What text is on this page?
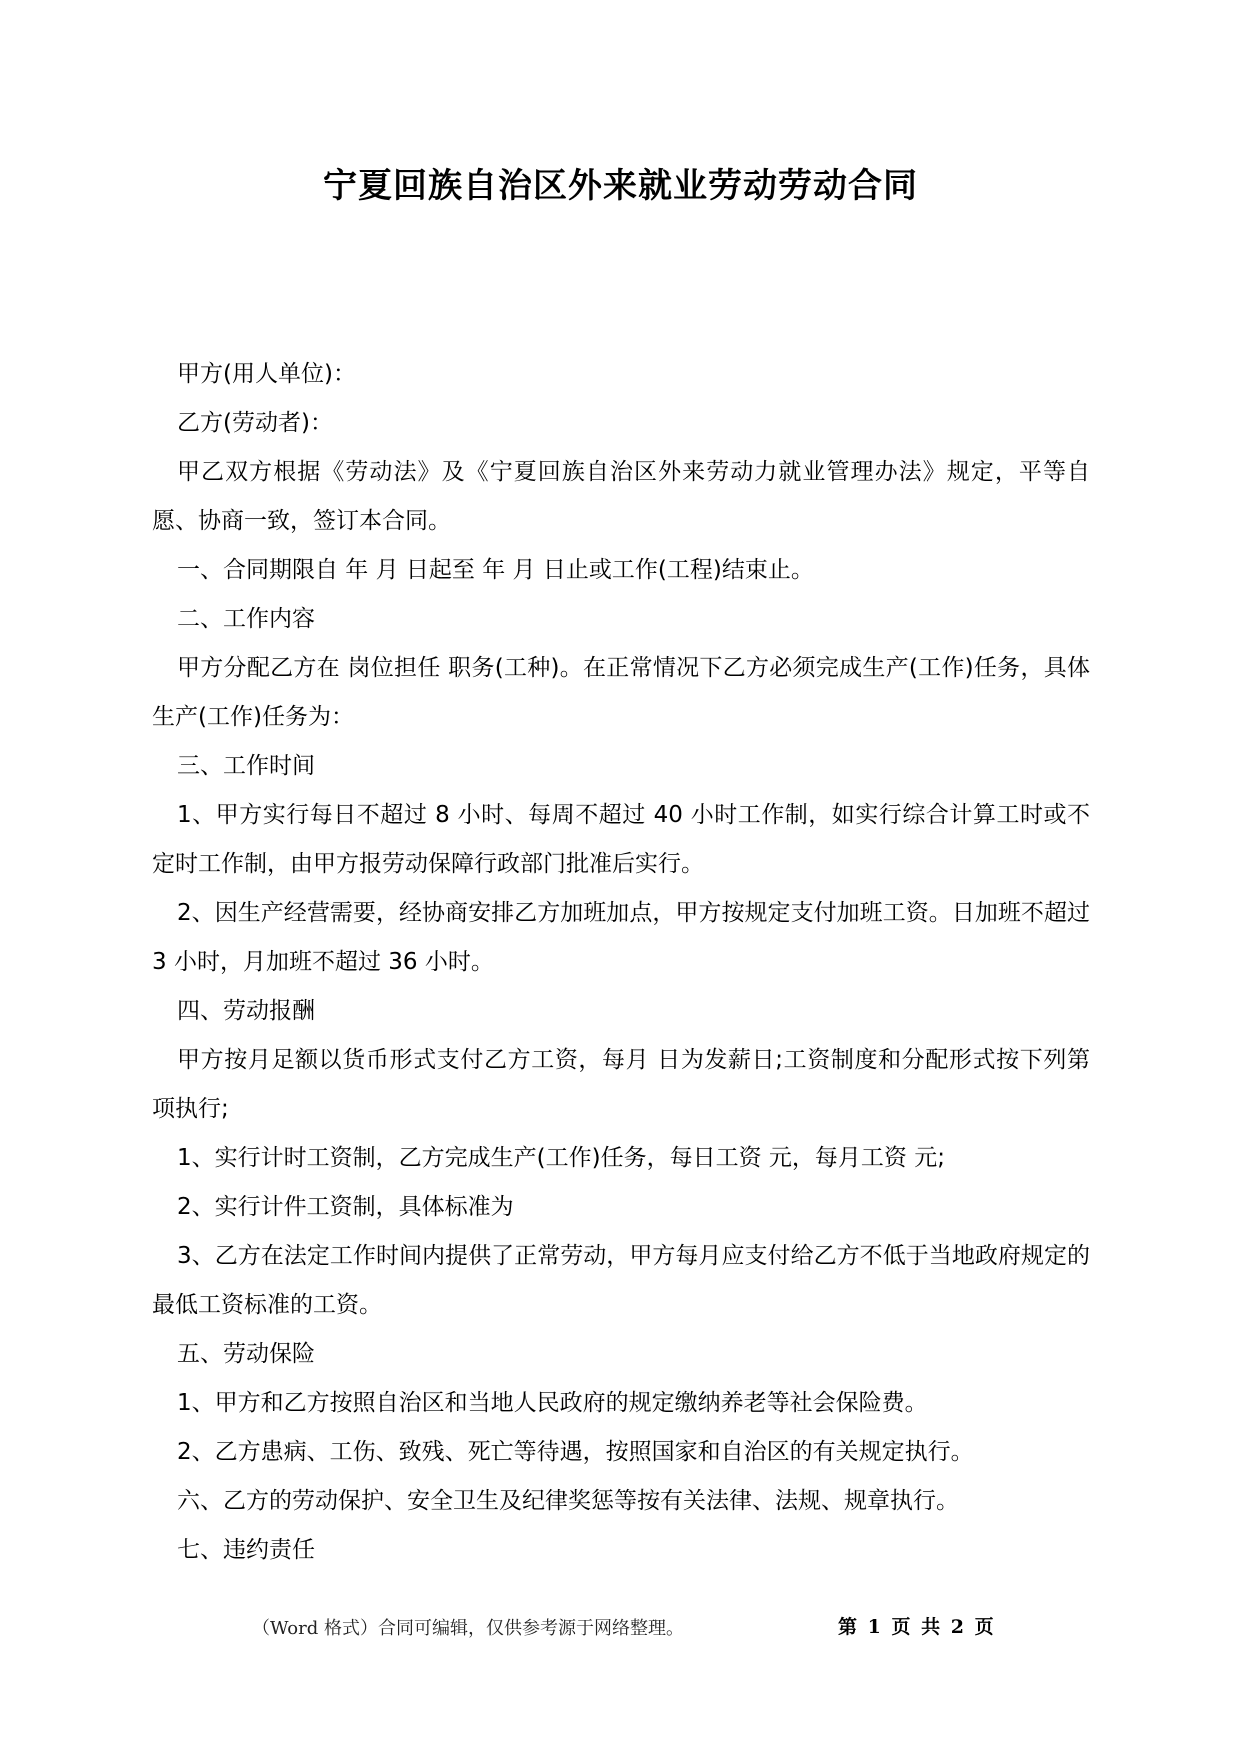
宁夏回族自治区外来就业劳动劳动合同

甲方(用人单位)：

乙方(劳动者)：

甲乙双方根据《劳动法》及《宁夏回族自治区外来劳动力就业管理办法》规定，平等自愿、协商一致，签订本合同。

一、合同期限自 年 月 日起至 年 月 日止或工作(工程)结束止。

二、工作内容

甲方分配乙方在 岗位担任 职务(工种)。在正常情况下乙方必须完成生产(工作)任务，具体生产(工作)任务为：

三、工作时间

1、甲方实行每日不超过 8 小时、每周不超过 40 小时工作制，如实行综合计算工时或不定时工作制，由甲方报劳动保障行政部门批准后实行。

2、因生产经营需要，经协商安排乙方加班加点，甲方按规定支付加班工资。日加班不超过 3 小时，月加班不超过 36 小时。

四、劳动报酬

甲方按月足额以货币形式支付乙方工资，每月 日为发薪日;工资制度和分配形式按下列第 项执行;

1、实行计时工资制，乙方完成生产(工作)任务，每日工资 元，每月工资 元;

2、实行计件工资制，具体标准为

3、乙方在法定工作时间内提供了正常劳动，甲方每月应支付给乙方不低于当地政府规定的最低工资标准的工资。

五、劳动保险

1、甲方和乙方按照自治区和当地人民政府的规定缴纳养老等社会保险费。

2、乙方患病、工伤、致残、死亡等待遇，按照国家和自治区的有关规定执行。

六、乙方的劳动保护、安全卫生及纪律奖惩等按有关法律、法规、规章执行。

七、违约责任

（Word 格式）合同可编辑，仅供参考源于网络整理。	第 1 页 共 2 页
